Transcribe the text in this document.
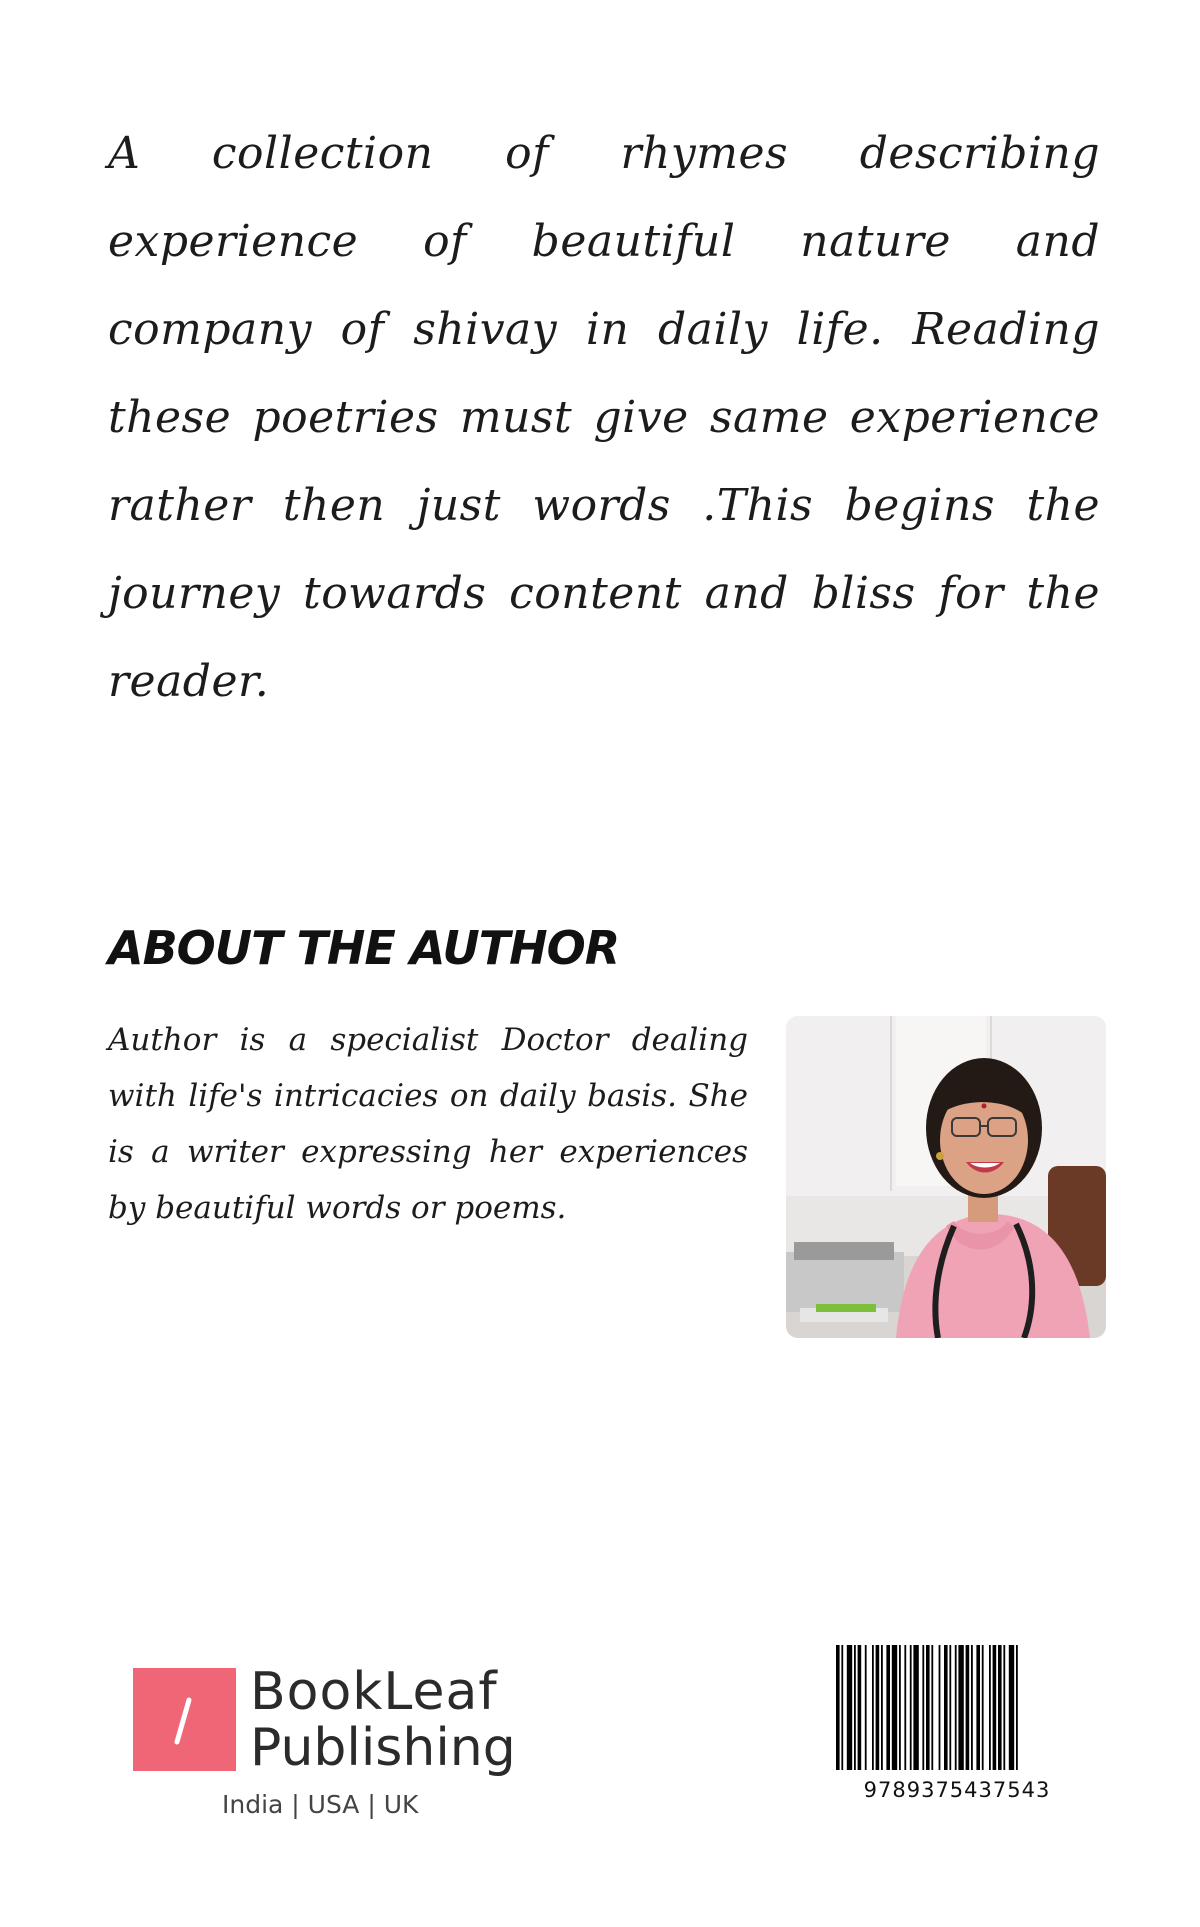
A collection of rhymes describing experience of beautiful nature and company of shivay in daily life. Reading these poetries must give same experience rather then just words .This begins the journey towards content and bliss for the reader.

ABOUT THE AUTHOR

Author is a specialist Doctor dealing with life's intricacies on daily basis. She is a writer expressing her experiences by beautiful words or poems.

BookLeaf
Publishing
India | USA | UK	9789375437543
